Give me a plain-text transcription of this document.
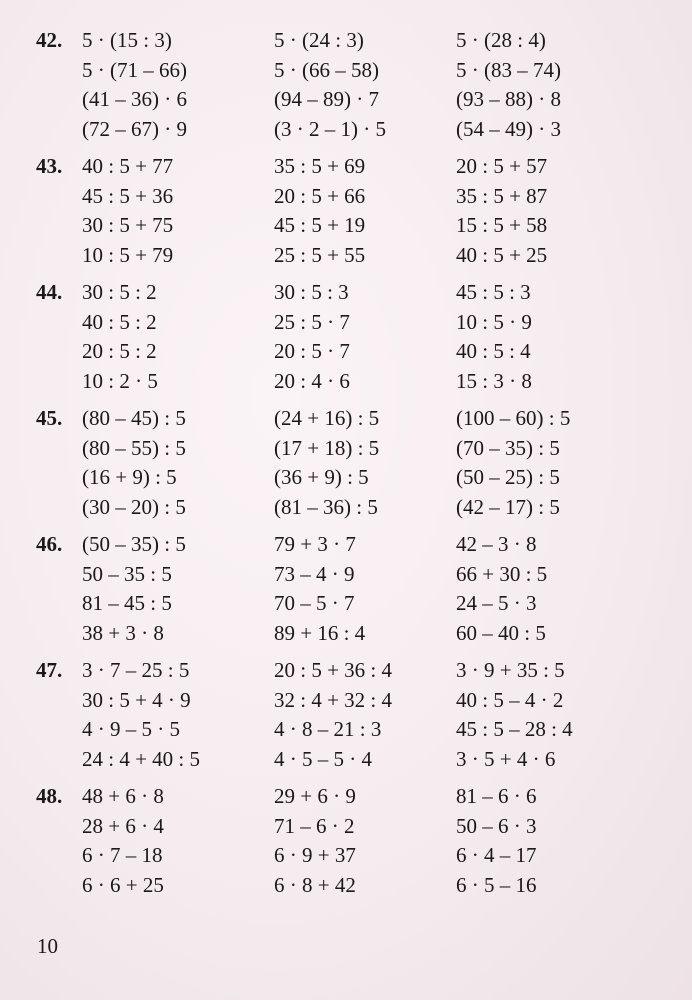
42. 5 · (15 : 3)
5 · (71 – 66)
(41 – 36) · 6
(72 – 67) · 9
5 · (24 : 3)
5 · (66 – 58)
(94 – 89) · 7
(3 · 2 – 1) · 5
5 · (28 : 4)
5 · (83 – 74)
(93 – 88) · 8
(54 – 49) · 3
43. 40 : 5 + 77
45 : 5 + 36
30 : 5 + 75
10 : 5 + 79
35 : 5 + 69
20 : 5 + 66
45 : 5 + 19
25 : 5 + 55
20 : 5 + 57
35 : 5 + 87
15 : 5 + 58
40 : 5 + 25
44. 30 : 5 : 2
40 : 5 : 2
20 : 5 : 2
10 : 2 · 5
30 : 5 : 3
25 : 5 · 7
20 : 5 · 7
20 : 4 · 6
45 : 5 : 3
10 : 5 · 9
40 : 5 : 4
15 : 3 · 8
45. (80 – 45) : 5
(80 – 55) : 5
(16 + 9) : 5
(30 – 20) : 5
(24 + 16) : 5
(17 + 18) : 5
(36 + 9) : 5
(81 – 36) : 5
(100 – 60) : 5
(70 – 35) : 5
(50 – 25) : 5
(42 – 17) : 5
46. (50 – 35) : 5
50 – 35 : 5
81 – 45 : 5
38 + 3 · 8
79 + 3 · 7
73 – 4 · 9
70 – 5 · 7
89 + 16 : 4
42 – 3 · 8
66 + 30 : 5
24 – 5 · 3
60 – 40 : 5
47. 3 · 7 – 25 : 5
30 : 5 + 4 · 9
4 · 9 – 5 · 5
24 : 4 + 40 : 5
20 : 5 + 36 : 4
32 : 4 + 32 : 4
4 · 8 – 21 : 3
4 · 5 – 5 · 4
3 · 9 + 35 : 5
40 : 5 – 4 · 2
45 : 5 – 28 : 4
3 · 5 + 4 · 6
48. 48 + 6 · 8
28 + 6 · 4
6 · 7 – 18
6 · 6 + 25
29 + 6 · 9
71 – 6 · 2
6 · 9 + 37
6 · 8 + 42
81 – 6 · 6
50 – 6 · 3
6 · 4 – 17
6 · 5 – 16
10
